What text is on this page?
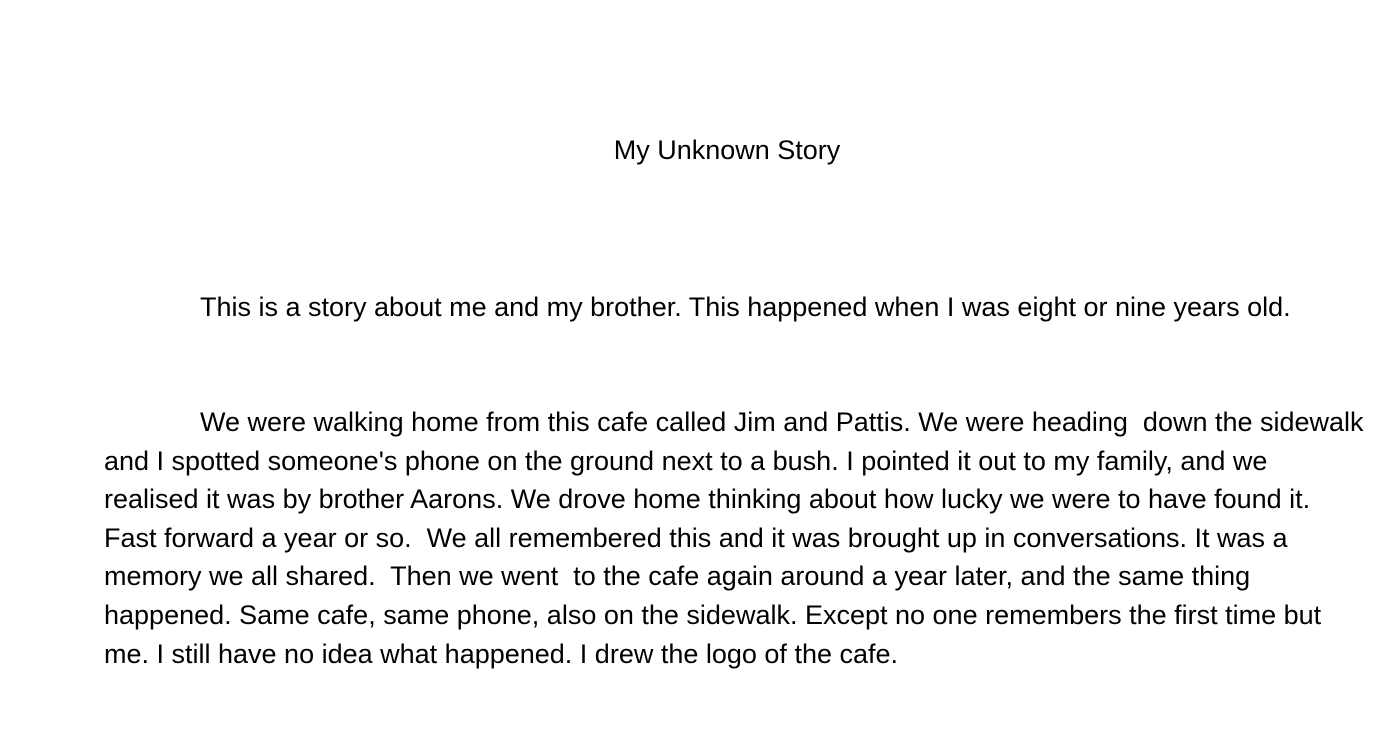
My Unknown Story

This is a story about me and my brother. This happened when I was eight or nine years old.

We were walking home from this cafe called Jim and Pattis. We were heading  down the sidewalk  and I spotted someone's phone on the ground next to a bush. I pointed it out to my family, and we realised it was by brother Aarons. We drove home thinking about how lucky we were to have found it. Fast forward a year or so.  We all remembered this and it was brought up in conversations. It was a memory we all shared.  Then we went  to the cafe again around a year later, and the same thing happened. Same cafe, same phone, also on the sidewalk. Except no one remembers the first time but me. I still have no idea what happened. I drew the logo of the cafe.
